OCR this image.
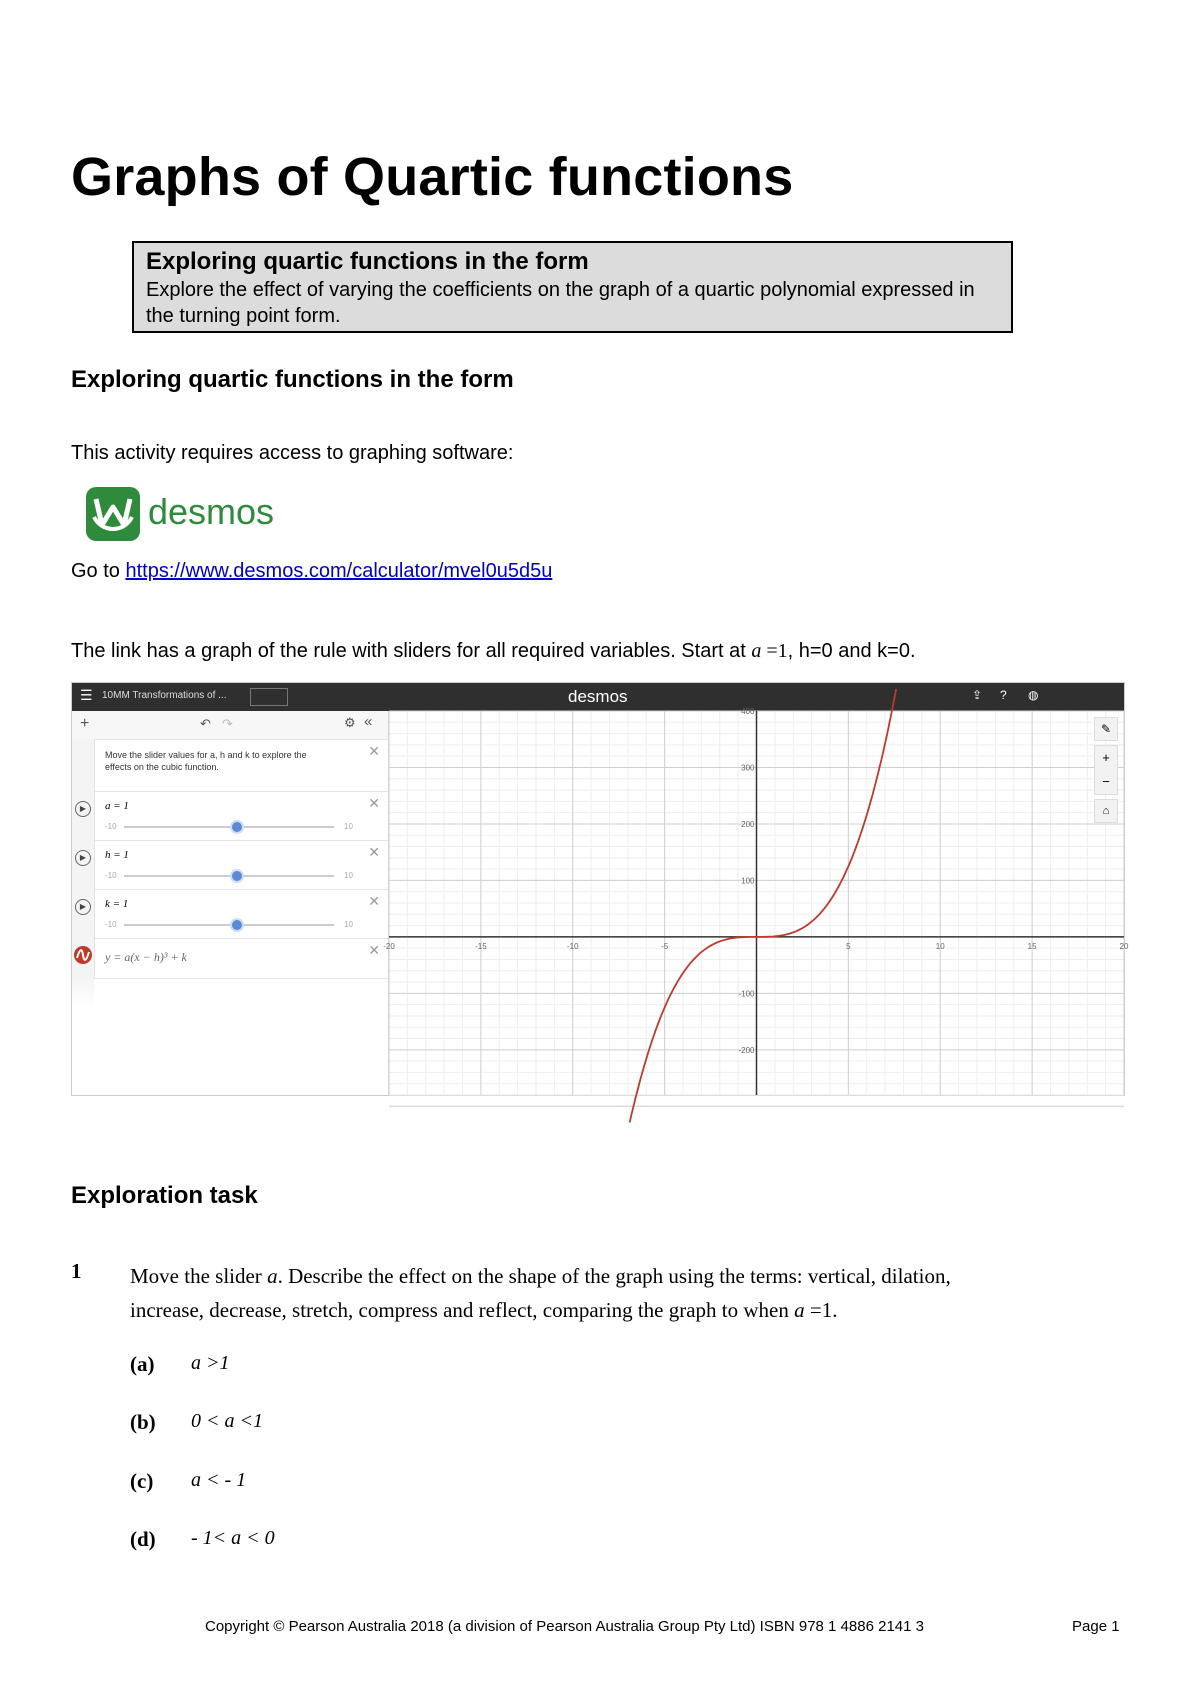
Graphs of Quartic functions
Exploring quartic functions in the form
Explore the effect of varying the coefficients on the graph of a quartic polynomial expressed in the turning point form.
Exploring quartic functions in the form
This activity requires access to graphing software:
desmos
Go to https://www.desmos.com/calculator/mvel0u5d5u
The link has a graph of the rule with sliders for all required variables. Start at a =1, h=0 and k=0.
☰ 10MM Transformations of ...	desmos	⇪ ? ◍
+	↶ ↷	⚙ «
Move the slider values for a, h and k to explore the effects on the cubic function.
✕
▶	a = 1
-10	10
✕
▶	h = 1
-10	10
✕
▶	k = 1
-10	10
✕
y = a(x − h)³ + k	✕ -20	-15	-10	-5	5	10	15	20
400
300
200
100
-100
-200
✎
+
−
⌂
Exploration task
1 Move the slider a. Describe the effect on the shape of the graph using the terms: vertical, dilation,
increase, decrease, stretch, compress and reflect, comparing the graph to when a =1.
(a) a >1
(b) 0 < a <1
(c) a < - 1
(d) - 1< a < 0
Copyright © Pearson Australia 2018 (a division of Pearson Australia Group Pty Ltd) ISBN 978 1 4886 2141 3	Page 1
